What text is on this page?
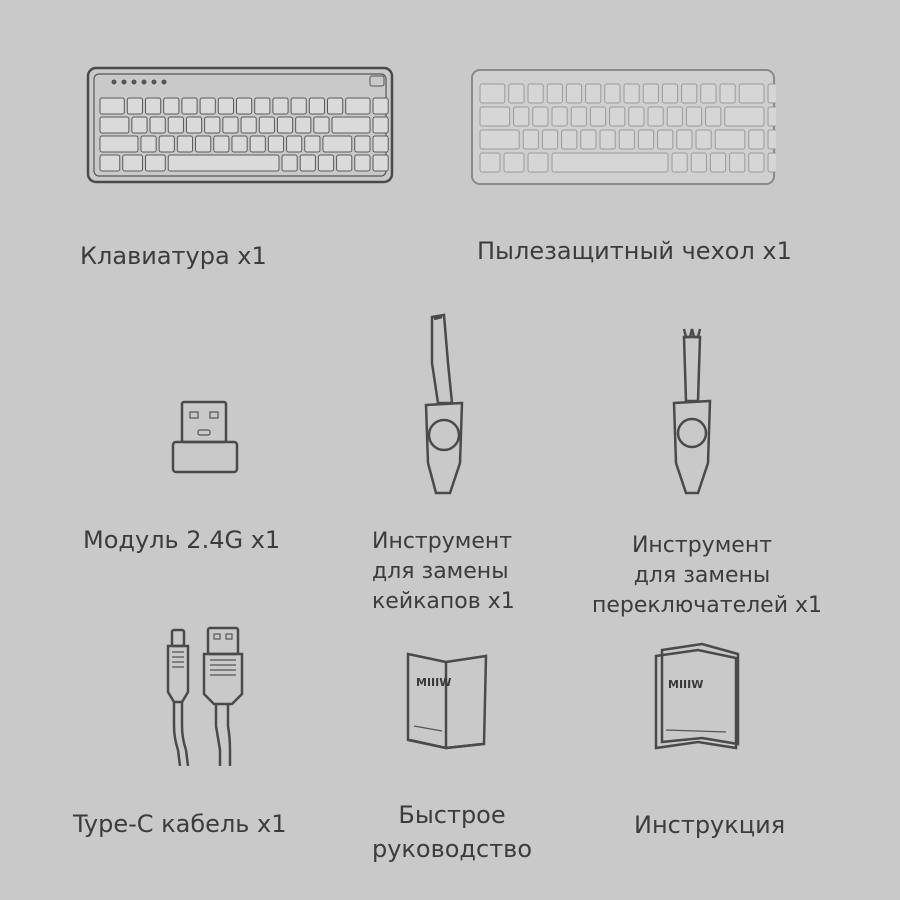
Клавиатура x1	Пылезащитный чехол x1
Модуль 2.4G x1	Инструмент
для замены
кейкапов x1
Инструмент
для замены
переключателей x1
Type-C кабель x1
MIIIW
Быстрое
руководство
MIIIW
Инструкция
